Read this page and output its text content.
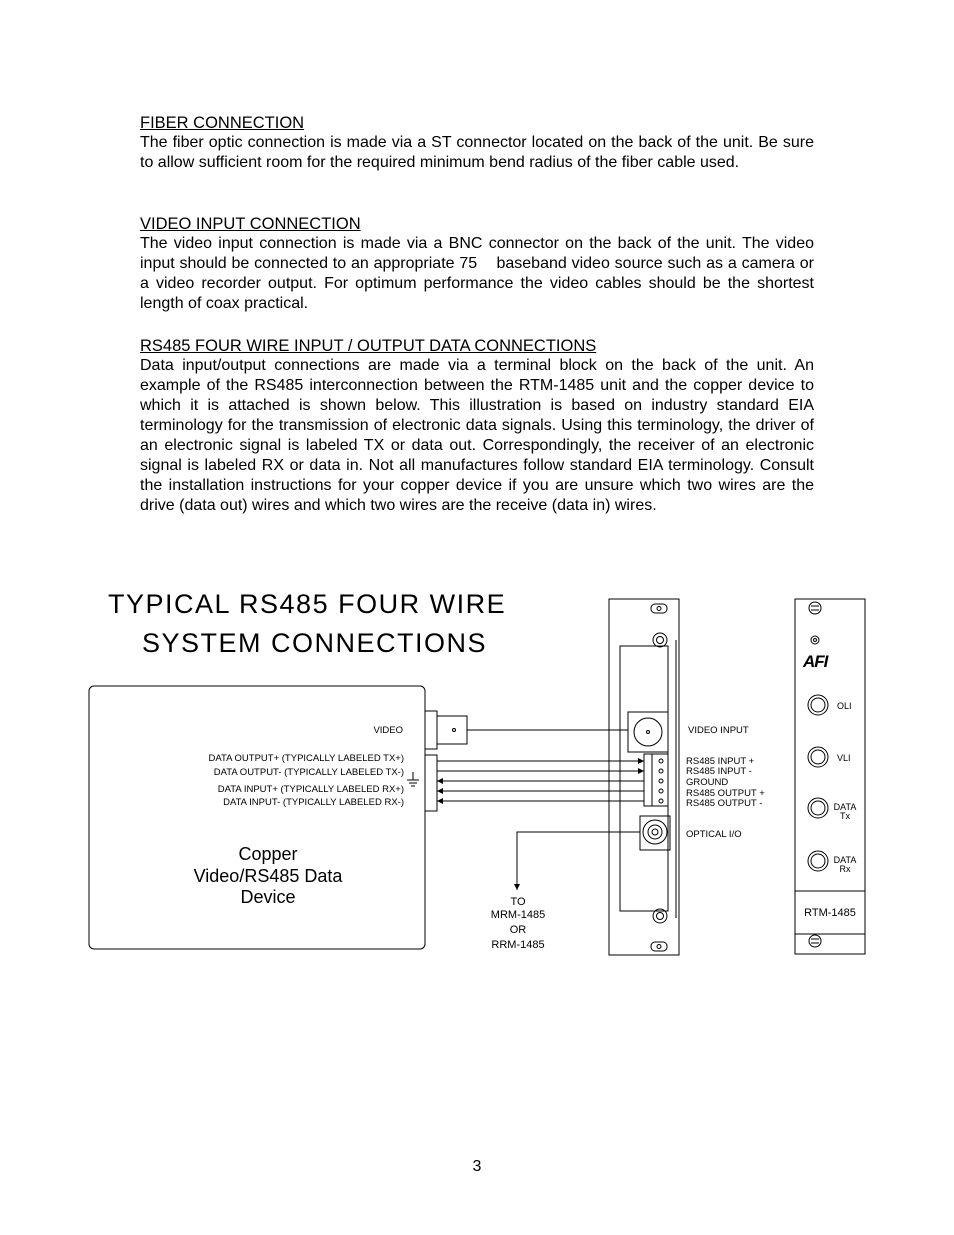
FIBER CONNECTION

The fiber optic connection is made via a ST connector located on the back of the unit. Be sure to allow sufficient room for the required minimum bend radius of the fiber cable used.

VIDEO INPUT CONNECTION

The video input connection is made via a BNC connector on the back of the unit. The video input should be connected to an appropriate 75    baseband video source such as a camera or a video recorder output. For optimum performance the video cables should be the shortest length of coax practical.

RS485 FOUR WIRE INPUT / OUTPUT DATA CONNECTIONS

Data input/output connections are made via a terminal block on the back of the unit. An example of the RS485 interconnection between the RTM-1485 unit and the copper device to which it is attached is shown below. This illustration is based on industry standard EIA terminology for the transmission of electronic data signals. Using this terminology, the driver of an electronic signal is labeled TX or data out. Correspondingly, the receiver of an electronic signal is labeled RX or data in. Not all manufactures follow standard EIA terminology. Consult the installation instructions for your copper device if you are unsure which two wires are the drive (data out) wires and which two wires are the receive (data in) wires.

TYPICAL RS485 FOUR WIRE
SYSTEM CONNECTIONS
VIDEO
DATA OUTPUT+ (TYPICALLY LABELED TX+)
DATA OUTPUT- (TYPICALLY LABELED TX-)
DATA INPUT+ (TYPICALLY LABELED RX+)
DATA INPUT- (TYPICALLY LABELED RX-)
Copper
Video/RS485 Data
Device
VIDEO INPUT
RS485 INPUT +
RS485 INPUT -
GROUND
RS485 OUTPUT +
RS485 OUTPUT -
OPTICAL I/O
TO
MRM-1485
OR
RRM-1485
AFI
OLI
VLI
DATA
Tx
DATA
Rx
RTM-1485
3
